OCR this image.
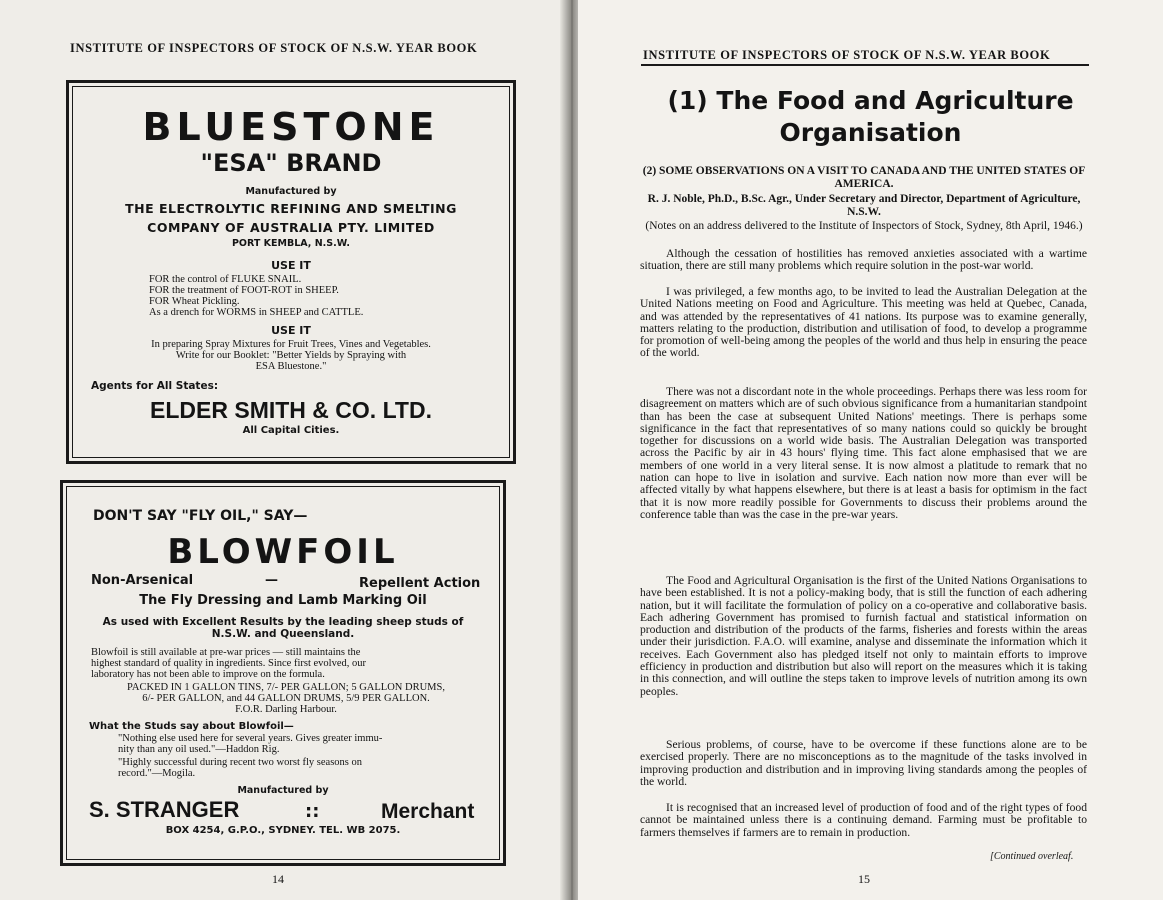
INSTITUTE OF INSPECTORS OF STOCK OF N.S.W. YEAR BOOK
BLUESTONE
"ESA" BRAND
Manufactured by
THE ELECTROLYTIC REFINING AND SMELTING
COMPANY OF AUSTRALIA PTY. LIMITED
PORT KEMBLA, N.S.W.
USE IT
FOR the control of FLUKE SNAIL.
FOR the treatment of FOOT-ROT in SHEEP.
FOR Wheat Pickling.
As a drench for WORMS in SHEEP and CATTLE.
USE IT
In preparing Spray Mixtures for Fruit Trees, Vines and Vegetables.
Write for our Booklet: "Better Yields by Spraying with
ESA Bluestone."
Agents for All States:
ELDER SMITH & CO. LTD.
All Capital Cities.
DON'T SAY "FLY OIL," SAY—
BLOWFOIL
Non-Arsenical	—	Repellent Action
The Fly Dressing and Lamb Marking Oil
As used with Excellent Results by the leading sheep studs of
N.S.W. and Queensland.
Blowfoil is still available at pre-war prices — still maintains the
highest standard of quality in ingredients. Since first evolved, our
laboratory has not been able to improve on the formula.
PACKED IN 1 GALLON TINS, 7/- PER GALLON; 5 GALLON DRUMS,
6/- PER GALLON, and 44 GALLON DRUMS, 5/9 PER GALLON.
F.O.R. Darling Harbour.
What the Studs say about Blowfoil—
"Nothing else used here for several years. Gives greater immu-
nity than any oil used."—Haddon Rig.
"Highly successful during recent two worst fly seasons on
record."—Mogila.
Manufactured by
S. STRANGER	::	Merchant
BOX 4254, G.P.O., SYDNEY. TEL. WB 2075.
14
INSTITUTE OF INSPECTORS OF STOCK OF N.S.W. YEAR BOOK
(1) The Food and Agriculture
Organisation
(2) SOME OBSERVATIONS ON A VISIT TO CANADA AND THE UNITED STATES OF AMERICA.
R. J. Noble, Ph.D., B.Sc. Agr., Under Secretary and Director, Department of Agriculture, N.S.W.
(Notes on an address delivered to the Institute of Inspectors of Stock, Sydney, 8th April, 1946.)

Although the cessation of hostilities has removed anxieties associated with a wartime situation, there are still many problems which require solution in the post-war world.

I was privileged, a few months ago, to be invited to lead the Australian Delegation at the United Nations meeting on Food and Agriculture. This meeting was held at Quebec, Canada, and was attended by the representatives of 41 nations. Its purpose was to examine generally, matters relating to the production, distribution and utilisation of food, to develop a programme for promotion of well-being among the peoples of the world and thus help in ensuring the peace of the world.

There was not a discordant note in the whole proceedings. Perhaps there was less room for disagreement on matters which are of such obvious significance from a humanitarian standpoint than has been the case at subsequent United Nations' meetings. There is perhaps some significance in the fact that representatives of so many nations could so quickly be brought together for discussions on a world wide basis. The Australian Delegation was transported across the Pacific by air in 43 hours' flying time. This fact alone emphasised that we are members of one world in a very literal sense. It is now almost a platitude to remark that no nation can hope to live in isolation and survive. Each nation now more than ever will be affected vitally by what happens elsewhere, but there is at least a basis for optimism in the fact that it is now more readily possible for Governments to discuss their problems around the conference table than was the case in the pre-war years.

The Food and Agricultural Organisation is the first of the United Nations Organisations to have been established. It is not a policy-making body, that is still the function of each adhering nation, but it will facilitate the formulation of policy on a co-operative and collaborative basis. Each adhering Government has promised to furnish factual and statistical information on production and distribution of the products of the farms, fisheries and forests within the areas under their jurisdiction. F.A.O. will examine, analyse and disseminate the information which it receives. Each Government also has pledged itself not only to maintain efforts to improve efficiency in production and distribution but also will report on the measures which it is taking in this connection, and will outline the steps taken to improve levels of nutrition among its own peoples.

Serious problems, of course, have to be overcome if these functions alone are to be exercised properly. There are no misconceptions as to the magnitude of the tasks involved in improving production and distribution and in improving living standards among the peoples of the world.

It is recognised that an increased level of production of food and of the right types of food cannot be maintained unless there is a continuing demand. Farming must be profitable to farmers themselves if farmers are to remain in production.

[Continued overleaf.
15
